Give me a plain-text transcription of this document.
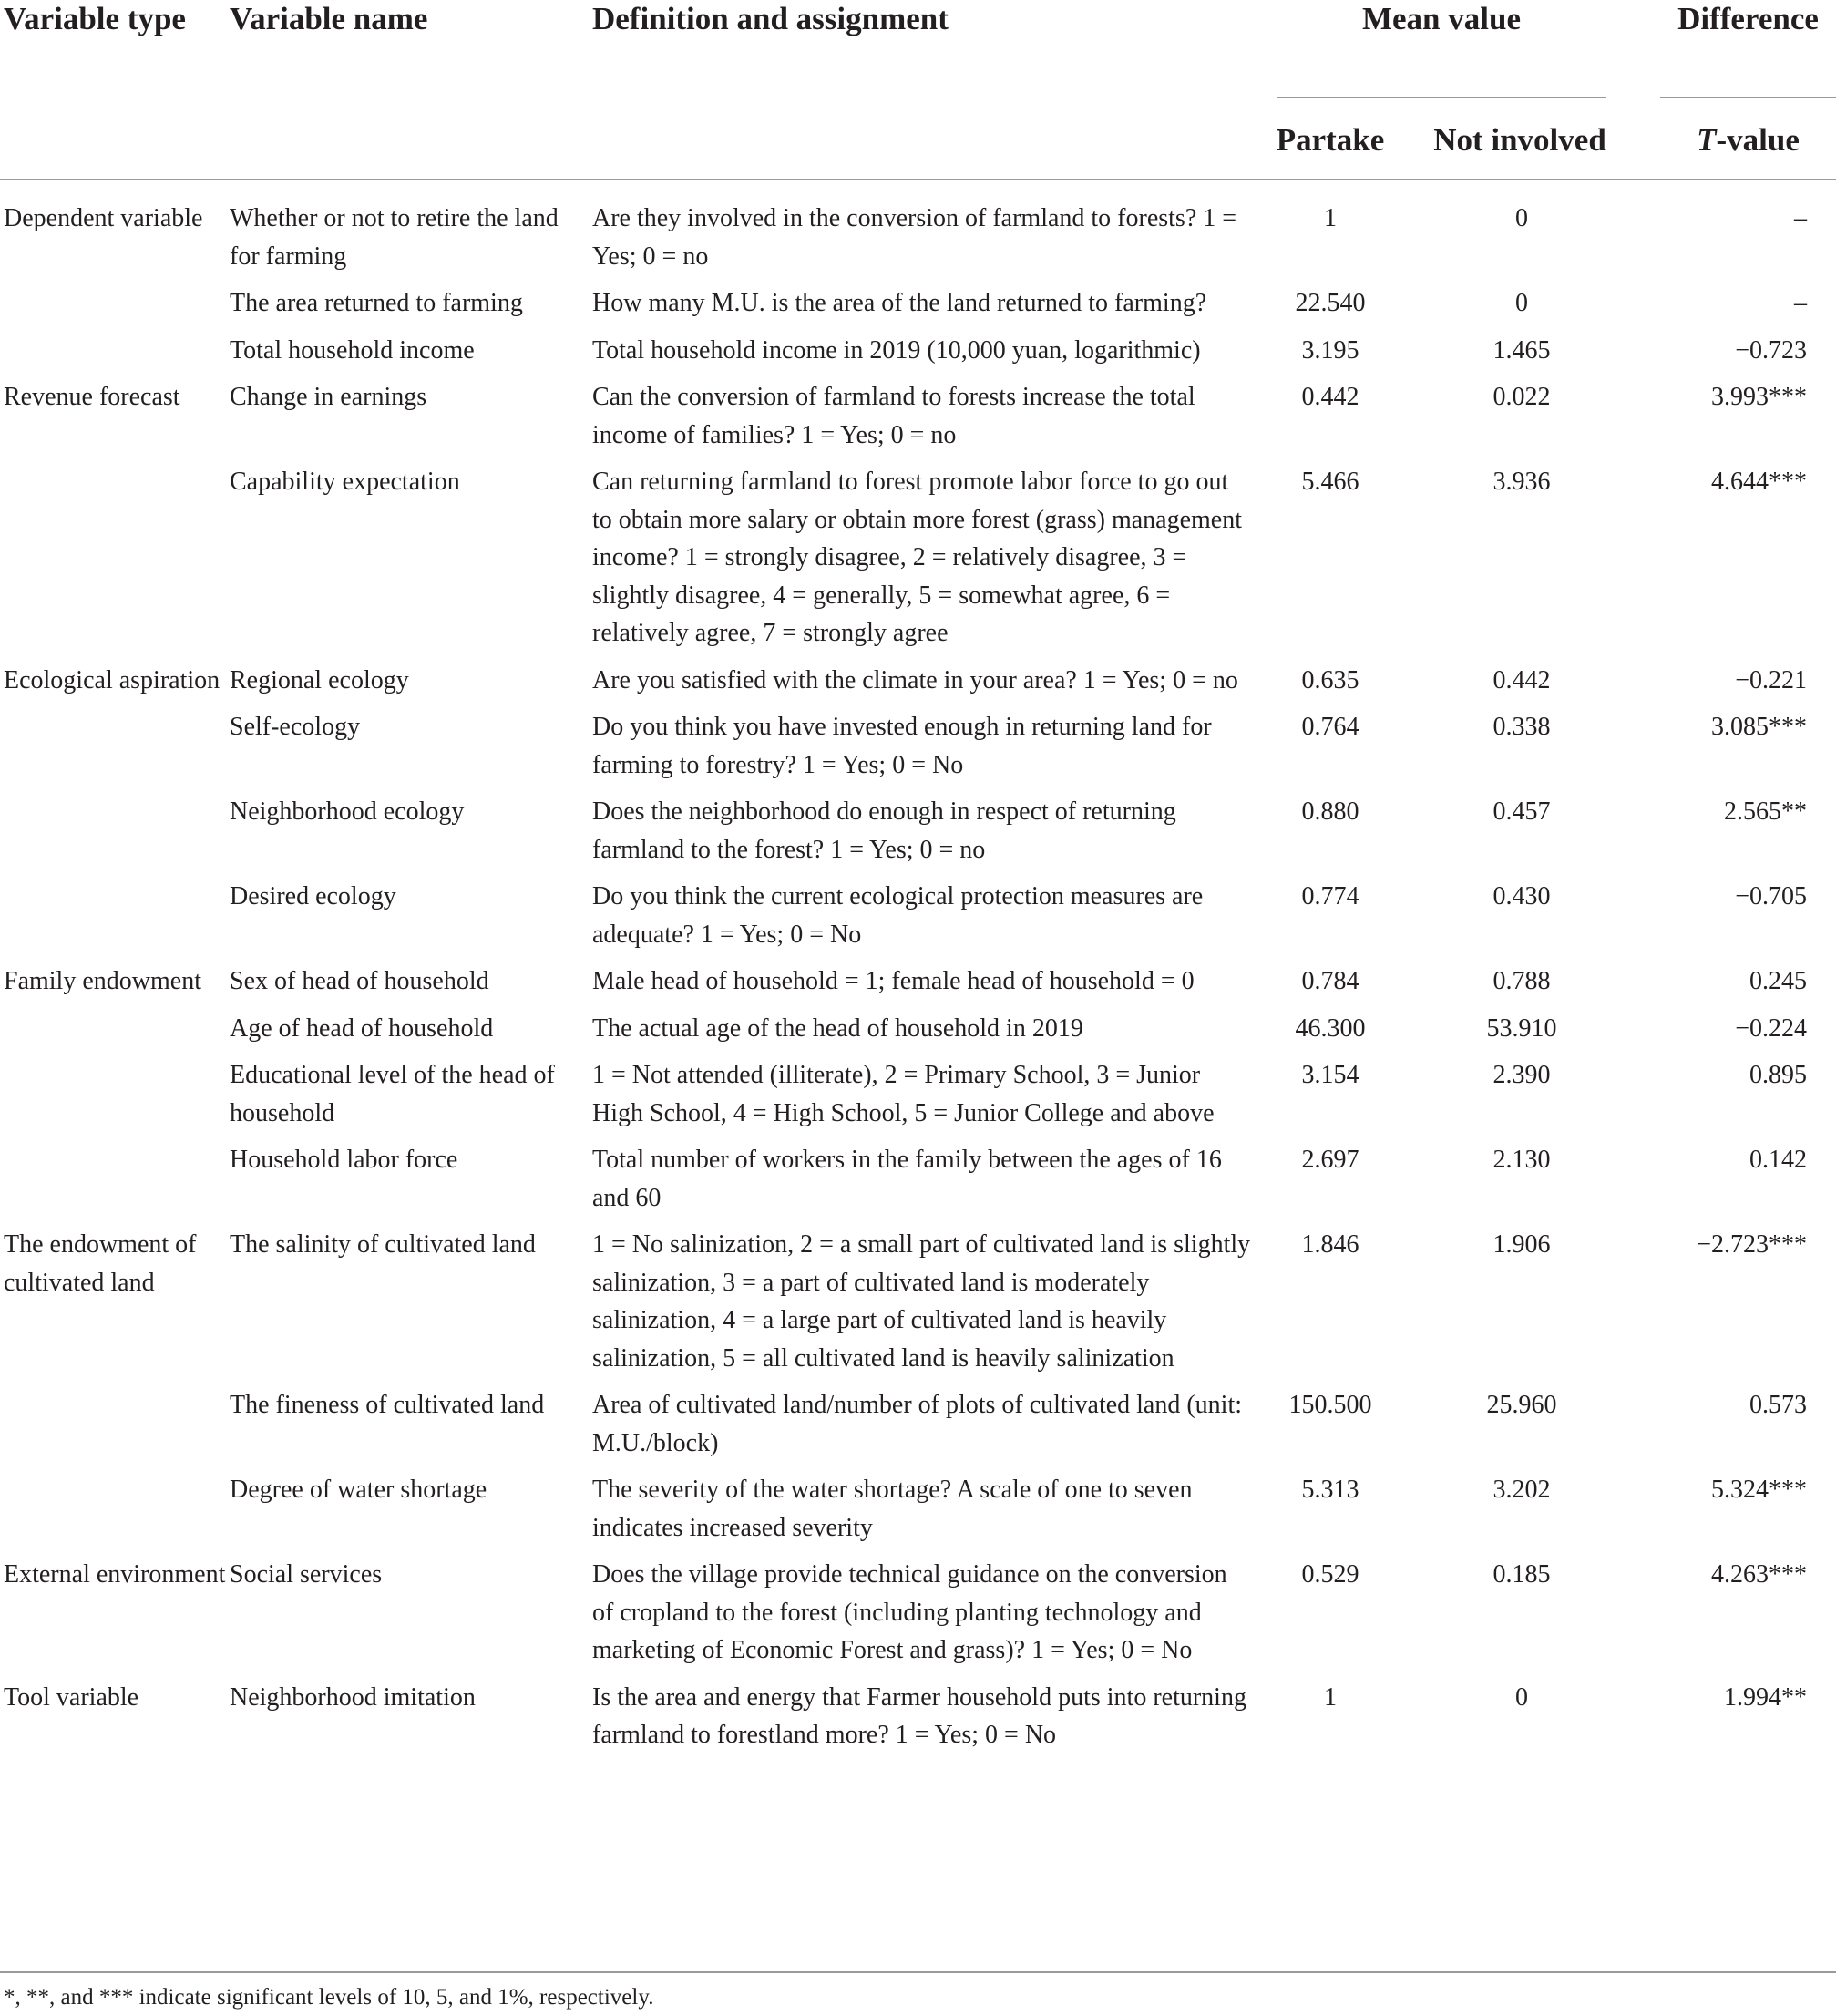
Variable type Variable name	Definition and assignment	Mean value	Difference
Partake	Not involved	T-value
Dependent variable	Whether or not to retire the land for farming	Are they involved in the conversion of farmland to forests? 1 = Yes; 0 = no	1	0	–
	The area returned to farming	How many M.U. is the area of the land returned to farming?	22.540	0	–
	Total household income	Total household income in 2019 (10,000 yuan, logarithmic)	3.195	1.465	−0.723
Revenue forecast	Change in earnings	Can the conversion of farmland to forests increase the total income of families? 1 = Yes; 0 = no	0.442	0.022	3.993***
	Capability expectation	Can returning farmland to forest promote labor force to go out to obtain more salary or obtain more forest (grass) management income? 1 = strongly disagree, 2 = relatively disagree, 3 = slightly disagree, 4 = generally, 5 = somewhat agree, 6 = relatively agree, 7 = strongly agree	5.466	3.936	4.644***
Ecological aspiration	Regional ecology	Are you satisfied with the climate in your area? 1 = Yes; 0 = no	0.635	0.442	−0.221
	Self-ecology	Do you think you have invested enough in returning land for farming to forestry? 1 = Yes; 0 = No	0.764	0.338	3.085***
	Neighborhood ecology	Does the neighborhood do enough in respect of returning farmland to the forest? 1 = Yes; 0 = no	0.880	0.457	2.565**
	Desired ecology	Do you think the current ecological protection measures are adequate? 1 = Yes; 0 = No	0.774	0.430	−0.705
Family endowment	Sex of head of household	Male head of household = 1; female head of household = 0	0.784	0.788	0.245
	Age of head of household	The actual age of the head of household in 2019	46.300	53.910	−0.224
	Educational level of the head of household	1 = Not attended (illiterate), 2 = Primary School, 3 = Junior High School, 4 = High School, 5 = Junior College and above	3.154	2.390	0.895
	Household labor force	Total number of workers in the family between the ages of 16 and 60	2.697	2.130	0.142
The endowment of cultivated land	The salinity of cultivated land	1 = No salinization, 2 = a small part of cultivated land is slightly salinization, 3 = a part of cultivated land is moderately salinization, 4 = a large part of cultivated land is heavily salinization, 5 = all cultivated land is heavily salinization	1.846	1.906	−2.723***
	The fineness of cultivated land	Area of cultivated land/number of plots of cultivated land (unit: M.U./block)	150.500	25.960	0.573
	Degree of water shortage	The severity of the water shortage? A scale of one to seven indicates increased severity	5.313	3.202	5.324***
External environment	Social services	Does the village provide technical guidance on the conversion of cropland to the forest (including planting technology and marketing of Economic Forest and grass)? 1 = Yes; 0 = No	0.529	0.185	4.263***
Tool variable	Neighborhood imitation	Is the area and energy that Farmer household puts into returning farmland to forestland more? 1 = Yes; 0 = No	1	0	1.994**
*, **, and *** indicate significant levels of 10, 5, and 1%, respectively.
